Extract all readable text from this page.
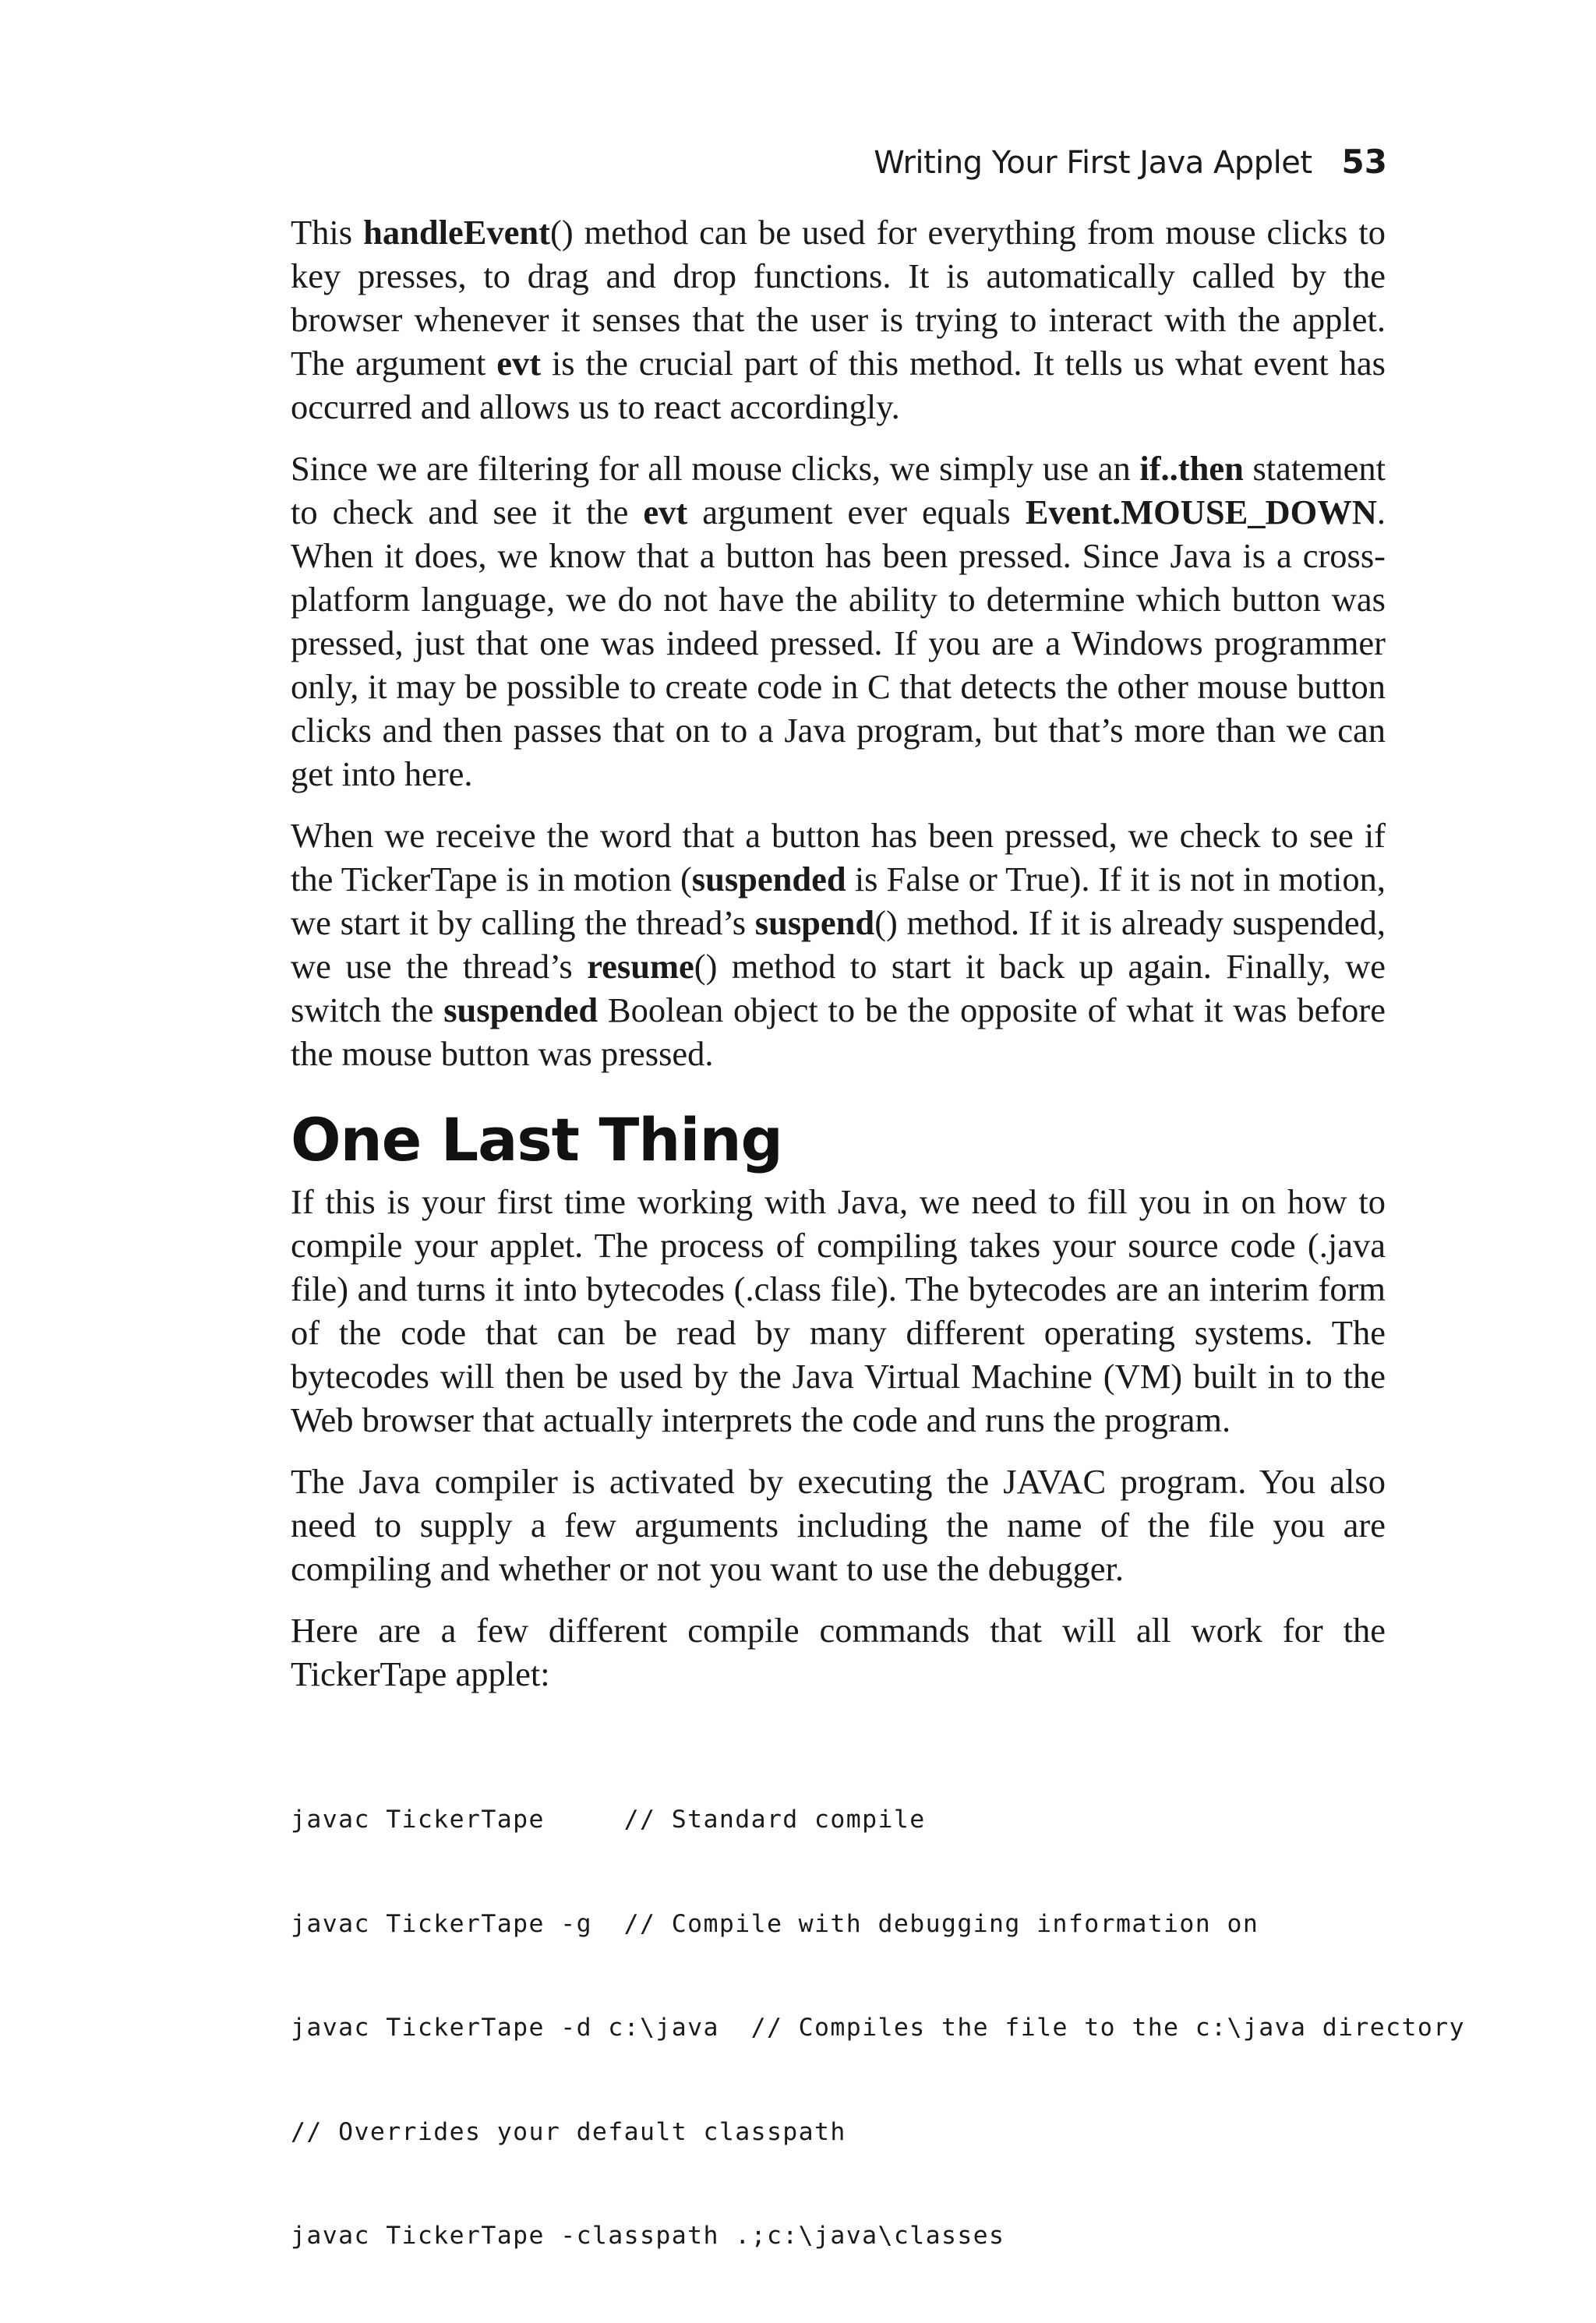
Writing Your First Java Applet 53

This handleEvent() method can be used for everything from mouse clicks to key presses, to drag and drop functions. It is automatically called by the browser whenever it senses that the user is trying to interact with the applet. The argument evt is the crucial part of this method. It tells us what event has occurred and allows us to react accordingly.

Since we are filtering for all mouse clicks, we simply use an if..then statement to check and see it the evt argument ever equals Event.MOUSE_DOWN. When it does, we know that a button has been pressed. Since Java is a cross-platform language, we do not have the ability to determine which button was pressed, just that one was indeed pressed. If you are a Windows programmer only, it may be possible to create code in C that detects the other mouse button clicks and then passes that on to a Java program, but that’s more than we can get into here.

When we receive the word that a button has been pressed, we check to see if the TickerTape is in motion (suspended is False or True). If it is not in motion, we start it by calling the thread’s suspend() method. If it is already suspended, we use the thread’s resume() method to start it back up again. Finally, we switch the suspended Boolean object to be the opposite of what it was before the mouse button was pressed.

One Last Thing

If this is your first time working with Java, we need to fill you in on how to compile your applet. The process of compiling takes your source code (.java file) and turns it into bytecodes (.class file). The bytecodes are an interim form of the code that can be read by many different operating systems. The bytecodes will then be used by the Java Virtual Machine (VM) built in to the Web browser that actually interprets the code and runs the program.

The Java compiler is activated by executing the JAVAC program. You also need to supply a few arguments including the name of the file you are compiling and whether or not you want to use the debugger.

Here are a few different compile commands that will all work for the TickerTape applet:

javac TickerTape     // Standard compile

javac TickerTape -g  // Compile with debugging information on

javac TickerTape -d c:\java  // Compiles the file to the c:\java directory

// Overrides your default classpath

javac TickerTape -classpath .;c:\java\classes
